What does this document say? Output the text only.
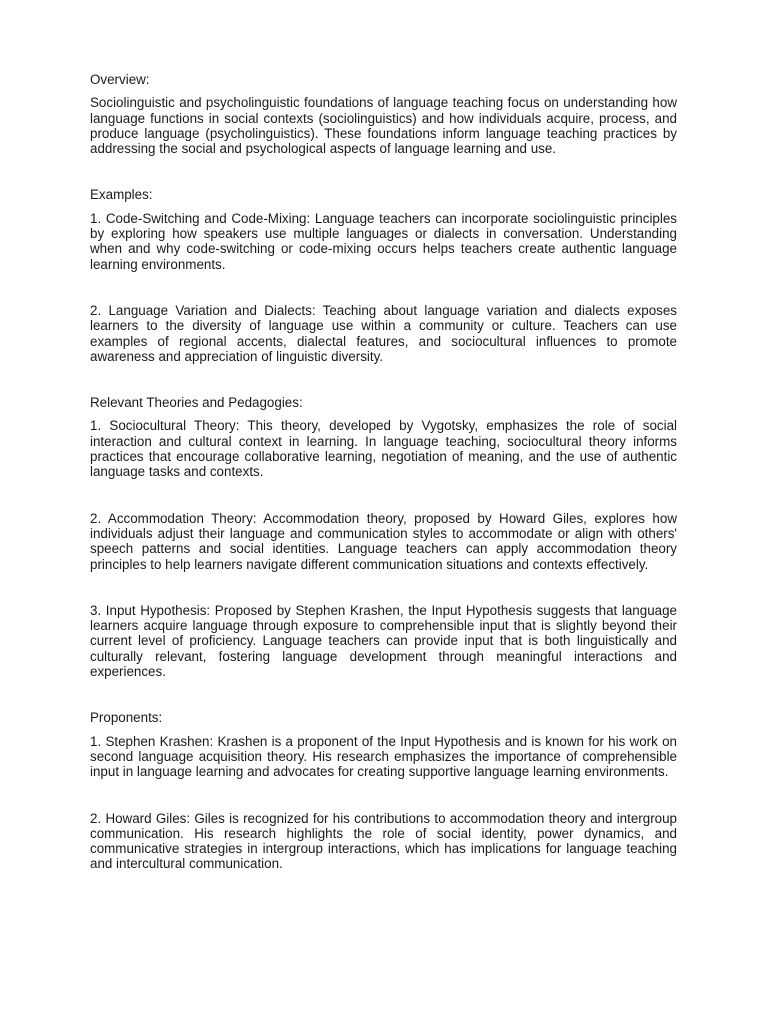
Overview:

Sociolinguistic and psycholinguistic foundations of language teaching focus on understanding how language functions in social contexts (sociolinguistics) and how individuals acquire, process, and produce language (psycholinguistics). These foundations inform language teaching practices by addressing the social and psychological aspects of language learning and use.

Examples:

1. Code-Switching and Code-Mixing: Language teachers can incorporate sociolinguistic principles by exploring how speakers use multiple languages or dialects in conversation. Understanding when and why code-switching or code-mixing occurs helps teachers create authentic language learning environments.

2. Language Variation and Dialects: Teaching about language variation and dialects exposes learners to the diversity of language use within a community or culture. Teachers can use examples of regional accents, dialectal features, and sociocultural influences to promote awareness and appreciation of linguistic diversity.

Relevant Theories and Pedagogies:

1. Sociocultural Theory: This theory, developed by Vygotsky, emphasizes the role of social interaction and cultural context in learning. In language teaching, sociocultural theory informs practices that encourage collaborative learning, negotiation of meaning, and the use of authentic language tasks and contexts.

2. Accommodation Theory: Accommodation theory, proposed by Howard Giles, explores how individuals adjust their language and communication styles to accommodate or align with others' speech patterns and social identities. Language teachers can apply accommodation theory principles to help learners navigate different communication situations and contexts effectively.

3. Input Hypothesis: Proposed by Stephen Krashen, the Input Hypothesis suggests that language learners acquire language through exposure to comprehensible input that is slightly beyond their current level of proficiency. Language teachers can provide input that is both linguistically and culturally relevant, fostering language development through meaningful interactions and experiences.

Proponents:

1. Stephen Krashen: Krashen is a proponent of the Input Hypothesis and is known for his work on second language acquisition theory. His research emphasizes the importance of comprehensible input in language learning and advocates for creating supportive language learning environments.

2. Howard Giles: Giles is recognized for his contributions to accommodation theory and intergroup communication. His research highlights the role of social identity, power dynamics, and communicative strategies in intergroup interactions, which has implications for language teaching and intercultural communication.
